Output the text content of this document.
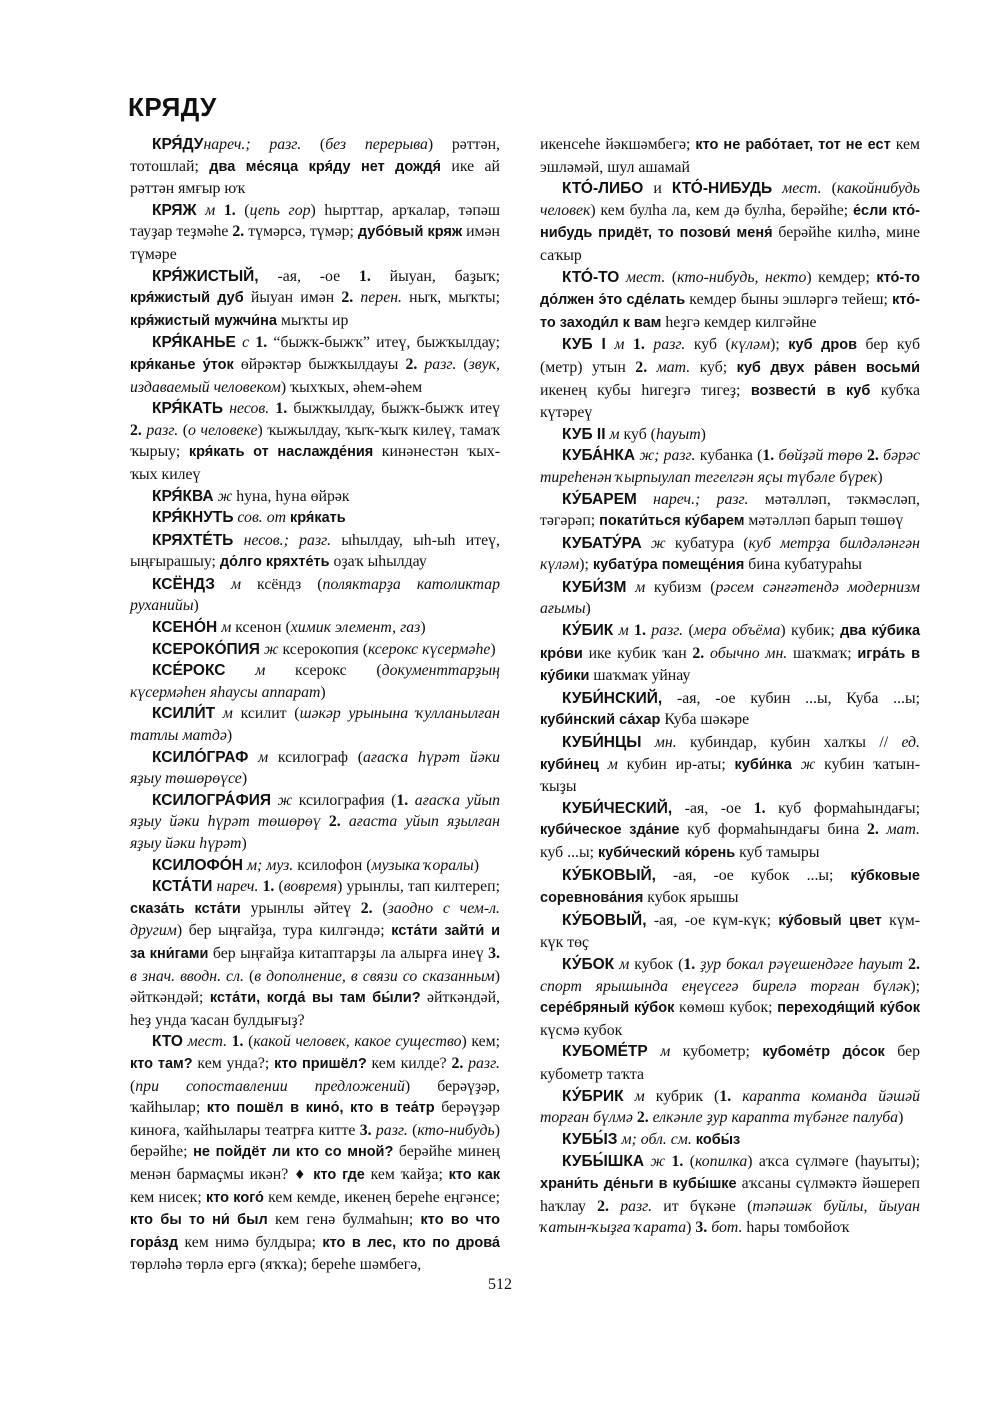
КРЯДУ

КРЯ́ДУнареч.; разг. (без перерыва) рәттән, тотошлай; два ме́сяца кря́ду нет дождя́ ике ай рәттән ямғыр юҡ

КРЯЖ м 1. (цепь гор) һырттар, арҡалар, тәпәш тауҙар теҙмәһе 2. түмәрсә, түмәр; дубо́вый кряж имән түмәре

КРЯ́ЖИСТЫЙ, -ая, -ое 1. йыуан, баҙыҡ; кря́жистый дуб йыуан имән 2. перен. ныҡ, мыҡты; кря́жистый мужчи́на мыҡты ир

КРЯ́КАНЬЕ с 1. “быжҡ-быжҡ” итеү, быжҡылдау; кря́канье у́ток өйрәктәр быжҡылдауы 2. разг. (звук, издаваемый человеком) ҡыхҡых, әһем-әһем

КРЯ́КАТЬ несов. 1. быжҡылдау, быжҡ-быжҡ итеү 2. разг. (о человеке) ҡыжылдау, ҡыҡ-ҡыҡ килеү, тамаҡ ҡырыу; кря́кать от наслажде́ния кинәнестән ҡых-ҡых килеү

КРЯ́КВА ж һуна, һуна өйрәк

КРЯ́КНУТЬ сов. от кря́кать

КРЯХТЕ́ТЬ несов.; разг. ыһылдау, ыһ-ыһ итеү, ыңғырашыу; до́лго кряхте́ть оҙаҡ ыһылдау

КСЁНДЗ м ксёндз (поляктарҙа католиктар руханийы)

КСЕНО́Н м ксенон (химик элемент, газ)

КСЕРОКО́ПИЯ ж ксерокопия (ксерокс күсермәһе)

КСЕ́РОКС м ксерокс (документтарҙың күсермәһен яһаусы аппарат)

КСИЛИ́Т м ксилит (шәкәр урынына ҡулланылған татлы матдә)

КСИЛО́ГРАФ м ксилограф (ағасҡа һүрәт йәки яҙыу төшөрөүсе)

КСИЛОГРА́ФИЯ ж ксилография (1. ағасҡа уйып яҙыу йәки һүрәт төшөрөү 2. ағаста уйып яҙылған яҙыу йәки һүрәт)

КСИЛОФО́Н м; муз. ксилофон (музыка ҡоралы)

КСТА́ТИ нареч. 1. (вовремя) урынлы, тап килтереп; сказа́ть кста́ти урынлы әйтеү 2. (заодно с чем-л. другим) бер ыңғайҙа, тура килгәндә; кста́ти зайти́ и за кни́гами бер ыңғайҙа китаптарҙы ла алырға инеү 3. в знач. вводн. сл. (в дополнение, в связи со сказанным) әйткәндәй; кста́ти, когда́ вы там бы́ли? әйткәндәй, һеҙ унда ҡасан булдығыҙ?

КТО мест. 1. (какой человек, какое существо) кем; кто там? кем унда?; кто пришёл? кем килде? 2. разг. (при сопоставлении предложений) берәүҙәр, ҡайһылар; кто пошёл в кино́, кто в теа́тр берәүҙәр киноға, ҡайһылары театрға китте 3. разг. (кто-нибудь) берәйһе; не пойдёт ли кто со мной? берәйһе минең менән бармаҫмы икән? ♦ кто где кем ҡайҙа; кто как кем нисек; кто кого́ кем кемде, икенең береһе еңгәнсе; кто бы то ни́ был кем генә булмаһын; кто во что гора́зд кем нимә булдыра; кто в лес, кто по дрова́ төрләһә төрлә ергә (яҡҡа); береһе шәмбегә,

икенсеһе йәкшәмбегә; кто не рабо́тает, тот не ест кем эшләмәй, шул ашамай

КТО́-ЛИБО и КТО́-НИБУДЬ мест. (какойнибудь человек) кем булһа ла, кем дә булһа, берәйһе; е́сли кто́-нибудь придёт, то позови́ меня́ берәйһе килһә, мине саҡыр

КТО́-ТО мест. (кто-нибудь, некто) кемдер; кто́-то до́лжен э́то сде́лать кемдер быны эшләргә тейеш; кто́-то заходи́л к вам һеҙгә кемдер килгәйне

КУБ I м 1. разг. куб (күләм); куб дров бер куб (метр) утын 2. мат. куб; куб двух ра́вен восьми́ икенең кубы һигеҙгә тигеҙ; возвести́ в куб кубҡа күтәреү

КУБ II м куб (һауыт)

КУБА́НКА ж; разг. кубанка (1. бөйҙәй төрө 2. бәрәс тиреһенән ҡырпыулап тегелгән яҫы түбәле бүрек)

КУ́БАРЕМ нареч.; разг. мәтәлләп, тәкмәсләп, тәгәрәп; покати́ться ку́барем мәтәлләп барып төшөү

КУБАТУ́РА ж кубатура (куб метрҙа билдәләнгән күләм); кубату́ра помеще́ния бина кубатураһы

КУБИ́ЗМ м кубизм (рәсем сәнғәтендә модернизм ағымы)

КУ́БИК м 1. разг. (мера объёма) кубик; два ку́бика кро́ви ике кубик ҡан 2. обычно мн. шаҡмаҡ; игра́ть в ку́бики шаҡмаҡ уйнау

КУБИ́НСКИЙ, -ая, -ое кубин ...ы, Куба ...ы; куби́нский са́хар Куба шәкәре

КУБИ́НЦЫ мн. кубиндар, кубин халҡы // ед. куби́нец м кубин ир-аты; куби́нка ж кубин ҡатын-ҡыҙы

КУБИ́ЧЕСКИЙ, -ая, -ое 1. куб формаһындағы; куби́ческое зда́ние куб формаһындағы бина 2. мат. куб ...ы; куби́ческий ко́рень куб тамыры

КУ́БКОВЫЙ, -ая, -ое кубок ...ы; ку́бковые соревнова́ния кубок ярышы

КУ́БОВЫЙ, -ая, -ое күм-күк; ку́бовый цвет күм-күк төҫ

КУ́БОК м кубок (1. ҙур бокал рәүешендәге һауыт 2. спорт ярышында еңеүсегә бирелә торған бүләк); сере́бряный ку́бок көмөш кубок; переходя́щий ку́бок күсмә кубок

КУБОМЕ́ТР м кубометр; кубоме́тр до́сок бер кубометр таҡта

КУ́БРИК м кубрик (1. карапта команда йәшәй торған бүлмә 2. елкәнле ҙур карапта түбәнге палуба)

КУБЫ́З м; обл. см. кобы́з

КУБЫ́ШКА ж 1. (копилка) аҡса сүлмәге (һауыты); храни́ть де́ньги в кубы́шке аҡсаны сүлмәктә йәшереп һаҡлау 2. разг. ит бүкәне (тәпәшәк буйлы, йыуан ҡатын-ҡыҙға ҡарата) 3. бот. һары томбойоҡ

512
